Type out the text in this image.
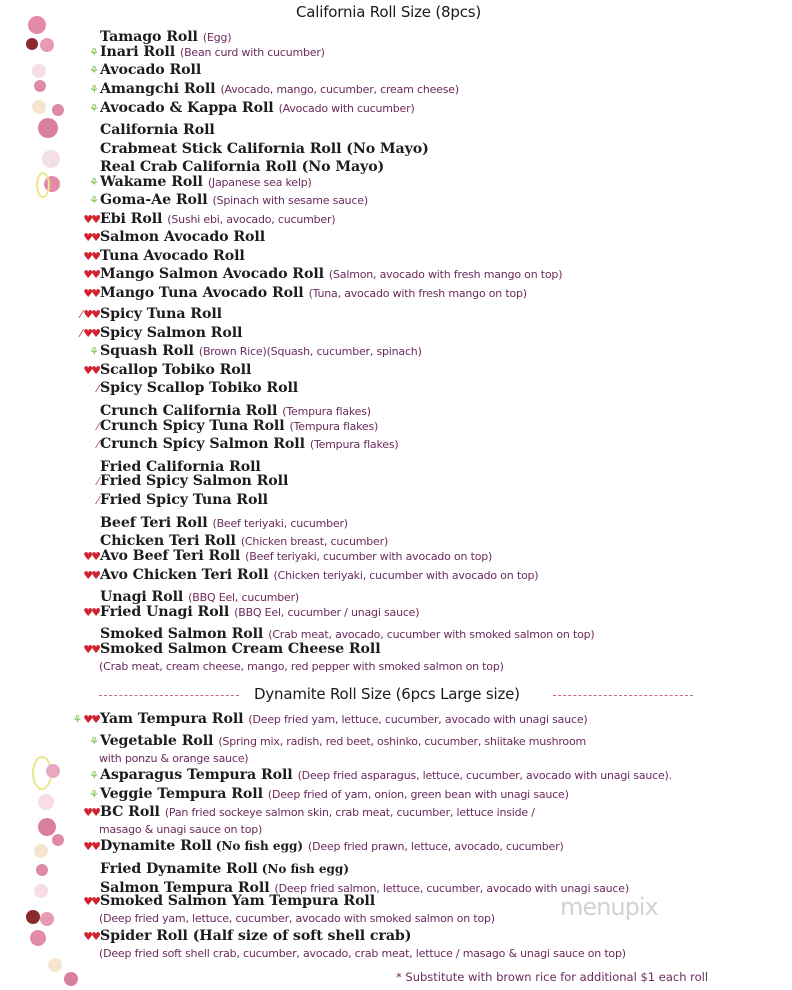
California Roll Size (8pcs)
Tamago Roll (Egg)
⚘ Inari Roll (Bean curd with cucumber)
⚘ Avocado Roll
⚘ Amangchi Roll (Avocado, mango, cucumber, cream cheese)
⚘ Avocado & Kappa Roll (Avocado with cucumber)
California Roll
Crabmeat Stick California Roll (No Mayo)
Real Crab California Roll (No Mayo)
⚘ Wakame Roll (Japanese sea kelp)
⚘ Goma-Ae Roll (Spinach with sesame sauce)
♥♥ Ebi Roll (Sushi ebi, avocado, cucumber)
♥♥ Salmon Avocado Roll
♥♥ Tuna Avocado Roll
♥♥ Mango Salmon Avocado Roll (Salmon, avocado with fresh mango on top)
♥♥ Mango Tuna Avocado Roll (Tuna, avocado with fresh mango on top)
⁄ ♥♥ Spicy Tuna Roll
⁄ ♥♥ Spicy Salmon Roll
⚘ Squash Roll (Brown Rice)(Squash, cucumber, spinach)
♥♥ Scallop Tobiko Roll
⁄ Spicy Scallop Tobiko Roll
Crunch California Roll (Tempura flakes)
⁄ Crunch Spicy Tuna Roll (Tempura flakes)
⁄ Crunch Spicy Salmon Roll (Tempura flakes)
Fried California Roll
⁄ Fried Spicy Salmon Roll
⁄ Fried Spicy Tuna Roll
Beef Teri Roll (Beef teriyaki, cucumber)
Chicken Teri Roll (Chicken breast, cucumber)
♥♥ Avo Beef Teri Roll (Beef teriyaki, cucumber with avocado on top)
♥♥ Avo Chicken Teri Roll (Chicken teriyaki, cucumber with avocado on top)
Unagi Roll (BBQ Eel, cucumber)
♥♥ Fried Unagi Roll (BBQ Eel, cucumber / unagi sauce)
Smoked Salmon Roll (Crab meat, avocado, cucumber with smoked salmon on top)
♥♥ Smoked Salmon Cream Cheese Roll
(Crab meat, cream cheese, mango, red pepper with smoked salmon on top)
Dynamite Roll Size (6pcs Large size)
⚘ ♥♥ Yam Tempura Roll (Deep fried yam, lettuce, cucumber, avocado with unagi sauce)
⚘ Vegetable Roll (Spring mix, radish, red beet, oshinko, cucumber, shiitake mushroom
with ponzu & orange sauce)
⚘ Asparagus Tempura Roll (Deep fried asparagus, lettuce, cucumber, avocado with unagi sauce).
⚘ Veggie Tempura Roll (Deep fried of yam, onion, green bean with unagi sauce)
♥♥ BC Roll (Pan fried sockeye salmon skin, crab meat, cucumber, lettuce inside /
masago & unagi sauce on top)
♥♥ Dynamite Roll (No fish egg) (Deep fried prawn, lettuce, avocado, cucumber)
Fried Dynamite Roll (No fish egg)
Salmon Tempura Roll (Deep fried salmon, lettuce, cucumber, avocado with unagi sauce)
♥♥ Smoked Salmon Yam Tempura Roll
(Deep fried yam, lettuce, cucumber, avocado with smoked salmon on top)
♥♥ Spider Roll (Half size of soft shell crab)
(Deep fried soft shell crab, cucumber, avocado, crab meat, lettuce / masago & unagi sauce on top)
menupix
* Substitute with brown rice for additional $1 each roll
